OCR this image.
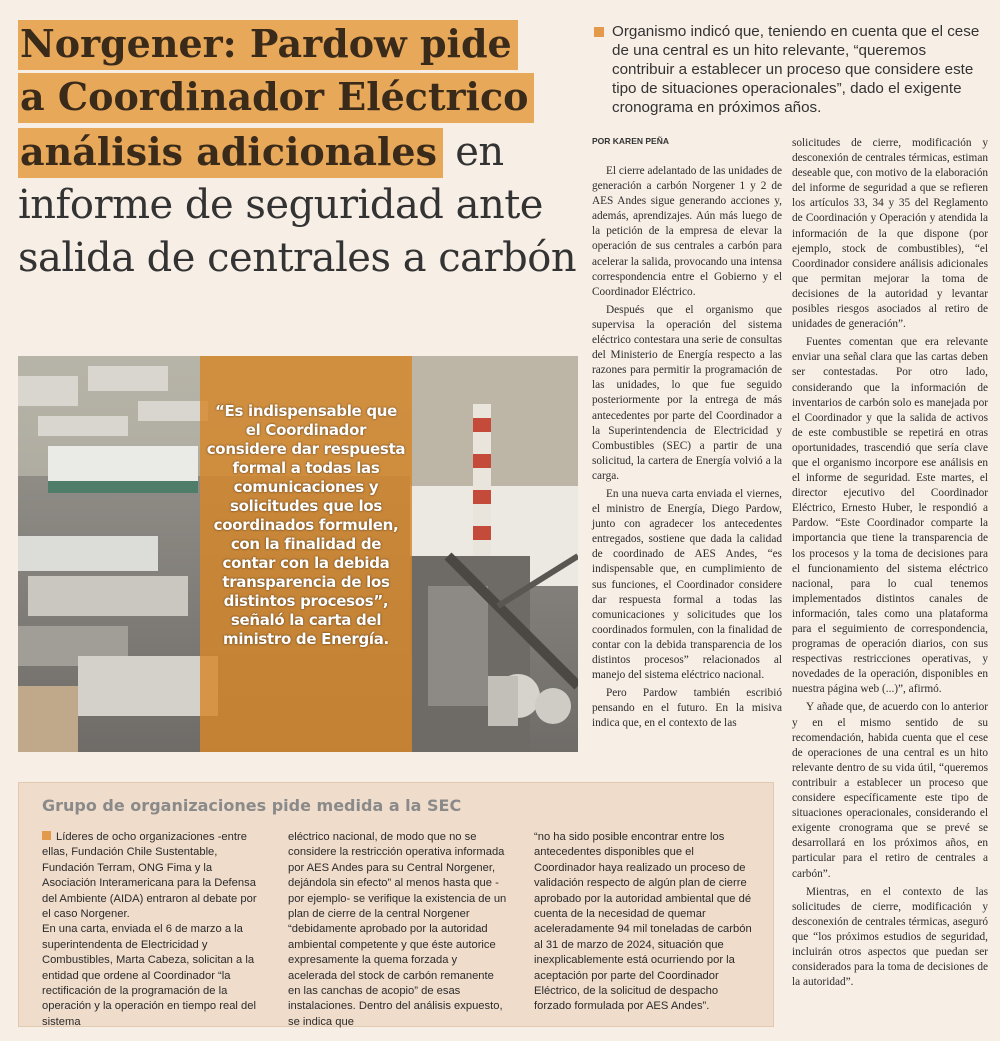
Norgener: Pardow pide
a Coordinador Eléctrico
análisis adicionales en
informe de seguridad ante
salida de centrales a carbón
Organismo indicó que, teniendo en cuenta que el cese de una central es un hito relevante, “queremos contribuir a establecer un proceso que considere este tipo de situaciones operacionales”, dado el exigente cronograma en próximos años.
POR KAREN PEÑA

El cierre adelantado de las unidades de generación a carbón Norgener 1 y 2 de AES Andes sigue generando acciones y, además, aprendizajes. Aún más luego de la petición de la empresa de elevar la operación de sus centrales a carbón para acelerar la salida, provocando una intensa correspondencia entre el Gobierno y el Coordinador Eléctrico.

Después que el organismo que supervisa la operación del sistema eléctrico contestara una serie de consultas del Ministerio de Energía respecto a las razones para permitir la programación de las unidades, lo que fue seguido posteriormente por la entrega de más antecedentes por parte del Coordinador a la Superintendencia de Electricidad y Combustibles (SEC) a partir de una solicitud, la cartera de Energía volvió a la carga.

En una nueva carta enviada el viernes, el ministro de Energía, Diego Pardow, junto con agradecer los antecedentes entregados, sostiene que dada la calidad de coordinado de AES Andes, “es indispensable que, en cumplimiento de sus funciones, el Coordinador considere dar respuesta formal a todas las comunicaciones y solicitudes que los coordinados formulen, con la finalidad de contar con la debida transparencia de los distintos procesos” relacionados al manejo del sistema eléctrico nacional.

Pero Pardow también escribió pensando en el futuro. En la misiva indica que, en el contexto de las

solicitudes de cierre, modificación y desconexión de centrales térmicas, estiman deseable que, con motivo de la elaboración del informe de seguridad a que se refieren los artículos 33, 34 y 35 del Reglamento de Coordinación y Operación y atendida la información de la que dispone (por ejemplo, stock de combustibles), “el Coordinador considere análisis adicionales que permitan mejorar la toma de decisiones de la autoridad y levantar posibles riesgos asociados al retiro de unidades de generación”.

Fuentes comentan que era relevante enviar una señal clara que las cartas deben ser contestadas. Por otro lado, considerando que la información de inventarios de carbón solo es manejada por el Coordinador y que la salida de activos de este combustible se repetirá en otras oportunidades, trascendió que sería clave que el organismo incorpore ese análisis en el informe de seguridad. Este martes, el director ejecutivo del Coordinador Eléctrico, Ernesto Huber, le respondió a Pardow. “Este Coordinador comparte la importancia que tiene la transparencia de los procesos y la toma de decisiones para el funcionamiento del sistema eléctrico nacional, para lo cual tenemos implementados distintos canales de información, tales como una plataforma para el seguimiento de correspondencia, programas de operación diarios, con sus respectivas restricciones operativas, y novedades de la operación, disponibles en nuestra página web (...)”, afirmó.

Y añade que, de acuerdo con lo anterior y en el mismo sentido de su recomendación, habida cuenta que el cese de operaciones de una central es un hito relevante dentro de su vida útil, “queremos contribuir a establecer un proceso que considere específicamente este tipo de situaciones operacionales, considerando el exigente cronograma que se prevé se desarrollará en los próximos años, en particular para el retiro de centrales a carbón”.

Mientras, en el contexto de las solicitudes de cierre, modificación y desconexión de centrales térmicas, aseguró que “los próximos estudios de seguridad, incluirán otros aspectos que puedan ser considerados para la toma de decisiones de la autoridad”.

“Es indispensable que el Coordinador considere dar respuesta formal a todas las comunicaciones y solicitudes que los coordinados formulen, con la finalidad de contar con la debida transparencia de los distintos procesos”, señaló la carta del ministro de Energía.
Grupo de organizaciones pide medida a la SEC

Líderes de ocho organizaciones -entre ellas, Fundación Chile Sustentable, Fundación Terram, ONG Fima y la Asociación Interamericana para la Defensa del Ambiente (AIDA) entraron al debate por el caso Norgener.

En una carta, enviada el 6 de marzo a la superintendenta de Electricidad y Combustibles, Marta Cabeza, solicitan a la entidad que ordene al Coordinador “la rectificación de la programación de la operación y la operación en tiempo real del sistema

eléctrico nacional, de modo que no se considere la restricción operativa informada por AES Andes para su Central Norgener, dejándola sin efecto” al menos hasta que -por ejemplo- se verifique la existencia de un plan de cierre de la central Norgener “debidamente aprobado por la autoridad ambiental competente y que éste autorice expresamente la quema forzada y acelerada del stock de carbón remanente en las canchas de acopio” de esas instalaciones. Dentro del análisis expuesto, se indica que

“no ha sido posible encontrar entre los antecedentes disponibles que el Coordinador haya realizado un proceso de validación respecto de algún plan de cierre aprobado por la autoridad ambiental que dé cuenta de la necesidad de quemar aceleradamente 94 mil toneladas de carbón al 31 de marzo de 2024, situación que inexplicablemente está ocurriendo por la aceptación por parte del Coordinador Eléctrico, de la solicitud de despacho forzado formulada por AES Andes”.
